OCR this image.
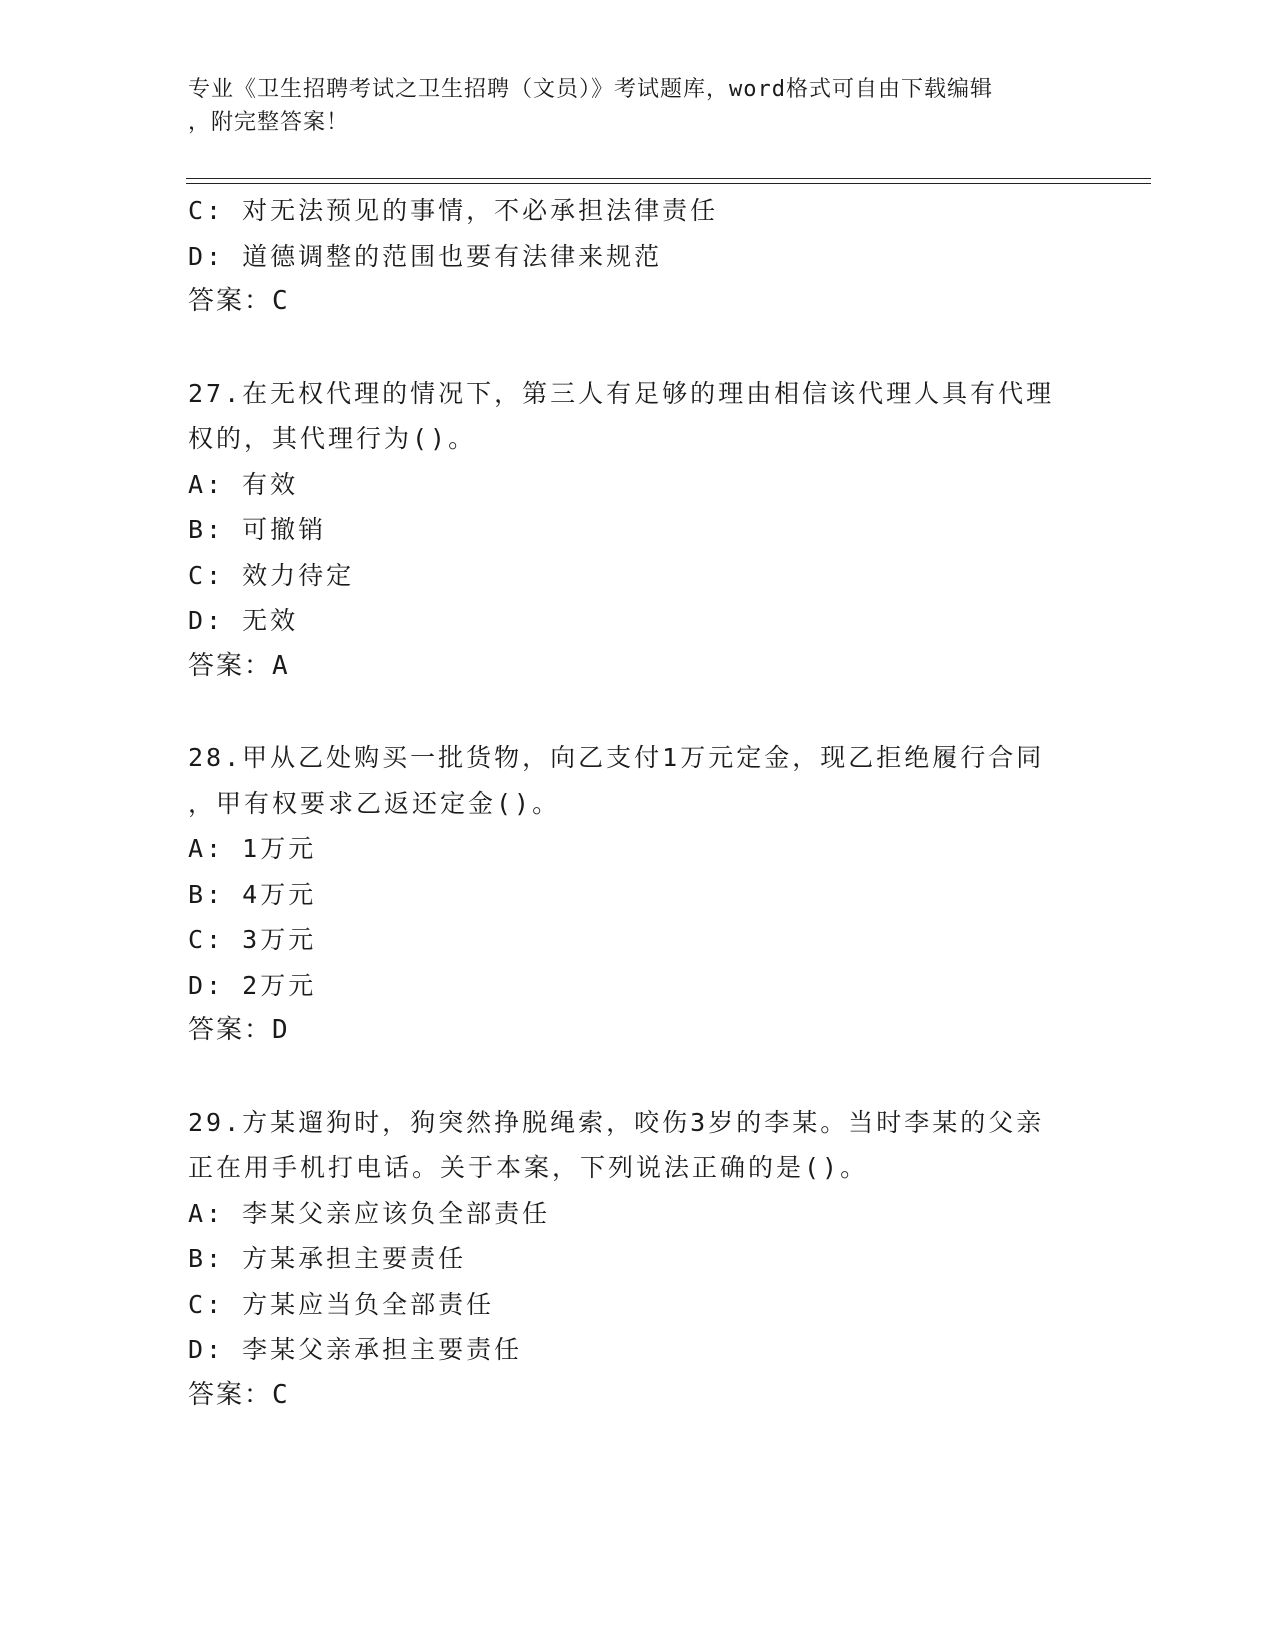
专业《卫生招聘考试之卫生招聘（文员）》考试题库，word格式可自由下载编辑
，附完整答案！
C: 对无法预见的事情，不必承担法律责任
D: 道德调整的范围也要有法律来规范
答案：C
27.在无权代理的情况下，第三人有足够的理由相信该代理人具有代理
权的，其代理行为()。
A: 有效
B: 可撤销
C: 效力待定
D: 无效
答案：A
28.甲从乙处购买一批货物，向乙支付1万元定金，现乙拒绝履行合同
，甲有权要求乙返还定金()。
A: 1万元
B: 4万元
C: 3万元
D: 2万元
答案：D
29.方某遛狗时，狗突然挣脱绳索，咬伤3岁的李某。当时李某的父亲
正在用手机打电话。关于本案，下列说法正确的是()。
A: 李某父亲应该负全部责任
B: 方某承担主要责任
C: 方某应当负全部责任
D: 李某父亲承担主要责任
答案：C
